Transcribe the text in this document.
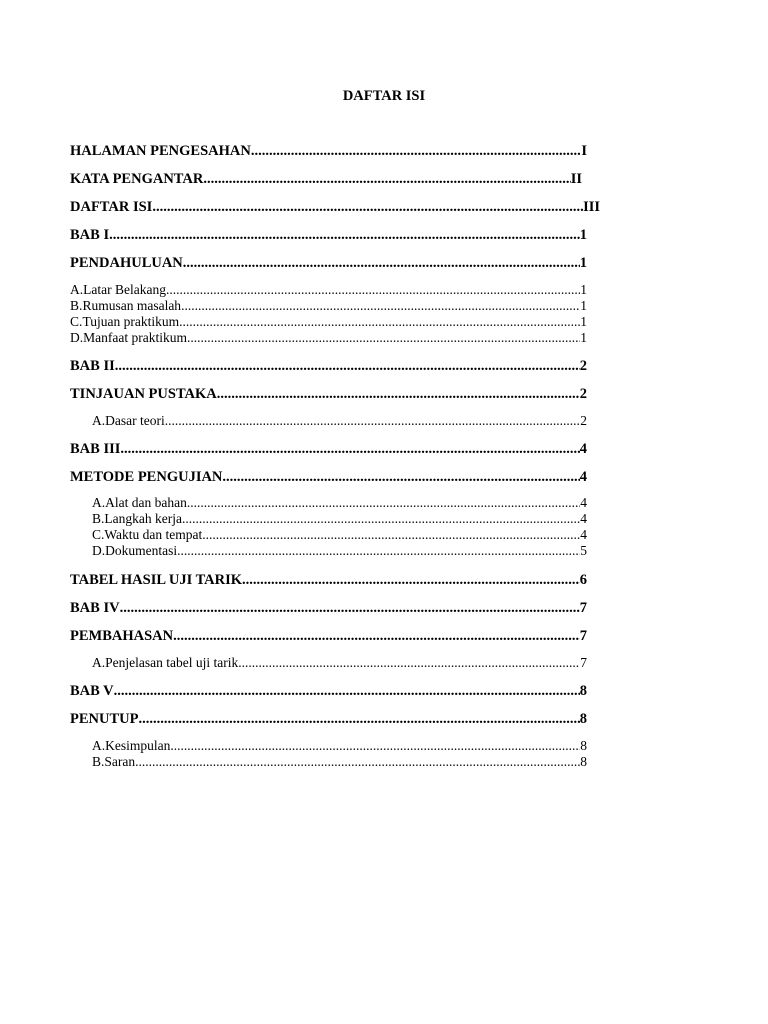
DAFTAR ISI
HALAMAN PENGESAHAN .....	I
KATA PENGANTAR .....	II
DAFTAR ISI .....	III
BAB I .....	1
PENDAHULUAN .....	1
A. Latar Belakang .....	1
B. Rumusan masalah .....	1
C. Tujuan praktikum .....	1
D. Manfaat praktikum .....	1
BAB II .....	2
TINJAUAN PUSTAKA .....	2
A. Dasar teori .....	2
BAB III .....	4
METODE PENGUJIAN .....	4
A. Alat dan bahan .....	4
B. Langkah kerja .....	4
C. Waktu dan tempat .....	4
D. Dokumentasi .....	5
TABEL HASIL UJI TARIK .....	6
BAB IV .....	7
PEMBAHASAN .....	7
A. Penjelasan tabel uji tarik .....	7
BAB V .....	8
PENUTUP .....	8
A. Kesimpulan .....	8
B. Saran .....	8
